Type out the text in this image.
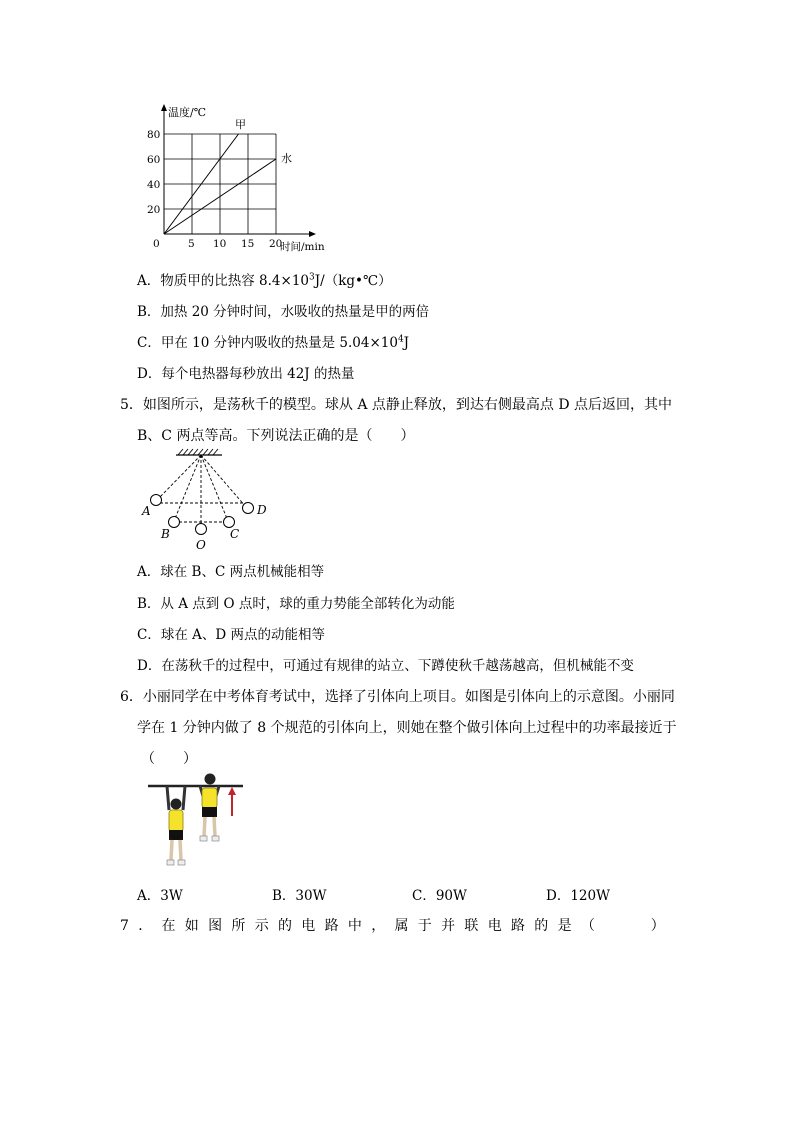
温度/℃
时间/min
甲
水
80
60
40
20
0	5 10 15 20
A．物质甲的比热容 $8.4\times 10^3J/(kg•℃)$
B．加热 20 分钟时间，水吸收的热量是甲的两倍
C．甲在 10 分钟内吸收的热量是 $5.04\times 10^4J$
D．每个电热器每秒放出 42J 的热量
5．如图所示，是荡秋千的模型。球从 A 点静止释放，到达右侧最高点 D 点后返回，其中
B、C 两点等高。下列说法正确的是（　　）
A
B
O
C
D
A．球在 B、C 两点机械能相等
B．从 A 点到 O 点时，球的重力势能全部转化为动能
C．球在 A、D 两点的动能相等
D．在荡秋千的过程中，可通过有规律的站立、下蹲使秋千越荡越高，但机械能不变
6．小丽同学在中考体育考试中，选择了引体向上项目。如图是引体向上的示意图。小丽同
学在 1 分钟内做了 8 个规范的引体向上，则她在整个做引体向上过程中的功率最接近于
（　　）
A．3W	B．30W	C．90W	D．120W
7．在如图所示的电路中，属于并联电路的是（　　）
